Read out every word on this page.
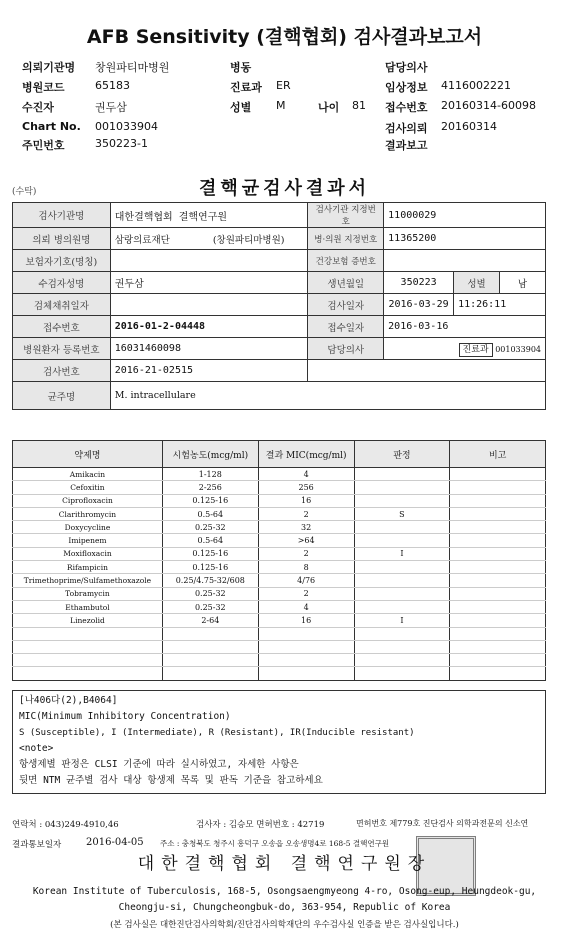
AFB Sensitivity (결핵협회) 검사결과보고서
의뢰기관명 창원파티마병원	병동	담당의사
병원코드	65183	진료과 ER	임상정보 4116002221
수진자	권두삼	성별 M	나이 81 접수번호 20160314-60098
Chart No. 001033904	검사의뢰 20160314
주민번호	350223-1	결과보고
(수탁)	결핵균검사결과서
검사기관명	대한결핵협회 결핵연구원	검사기관 지정번호	11000029		
의뢰 병의원명	삼랑의료재단 (창원파티마병원)	병·의원 지정번호	11365200		
보험자기호(명칭)		건강보험 증번호			
수검자성명	권두삼	생년월일	350223	성별	남
검체채취일자		검사일자	2016-03-29	11:26:11	
접수번호	2016-01-2-04448	접수일자	2016-03-16		
병원환자 등록번호	16031460098	담당의사	진료과 001033904		
검사번호	2016-21-02515				
균주명	M. intracellulare				
약제명	시험농도(mcg/ml)	결과 MIC(mcg/ml)	판정	비고
Amikacin	1-128	4		
Cefoxitin	2-256	256		
Ciprofloxacin	0.125-16	16		
Clarithromycin	0.5-64	2	S	
Doxycycline	0.25-32	32		
Imipenem	0.5-64	>64		
Moxifloxacin	0.125-16	2	I	
Rifampicin	0.125-16	8		
Trimethoprime/Sulfamethoxazole	0.25/4.75-32/608	4/76		
Tobramycin	0.25-32	2		
Ethambutol	0.25-32	4		
Linezolid	2-64	16	I	

[나406다(2),B4064]
MIC(Minimum Inhibitory Concentration)
S (Susceptible), I (Intermediate), R (Resistant), IR(Inducible resistant)
<note>
항생제별 판정은 CLSI 기준에 따라 실시하였고, 자세한 사항은
뒷면 NTM 균주별 검사 대상 항생제 목록 및 판독 기준을 참고하세요
연락처 : 043)249-4910,46	검사자 : 김승모 면허번호 : 42719	면허번호 제779호 진단검사 의학과전문의 신소연
결과통보일자 2016-04-05 주소 : 충청북도 청주시 흥덕구 오송읍 오송생명4로 168-5 결핵연구원
대한결핵협회 결핵연구원장
Korean Institute of Tuberculosis, 168-5, Osongsaengmyeong 4-ro, Osong-eup, Heungdeok-gu,
Cheongju-si, Chungcheongbuk-do, 363-954, Republic of Korea
(본 검사실은 대한진단검사의학회/진단검사의학재단의 우수검사실 인증을 받은 검사실입니다.)
